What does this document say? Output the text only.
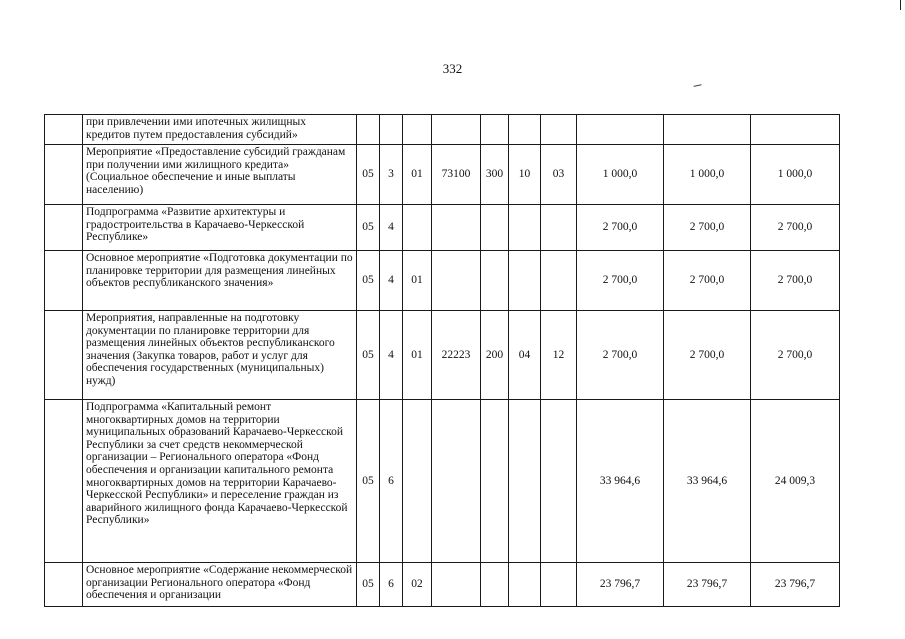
332
	при привлечении ими ипотечных жилищных кредитов путем предоставления субсидий»										
	Мероприятие «Предоставление субсидий гражданам при получении ими жилищного кредита» (Социальное обеспечение и иные выплаты населению)	05	3	01	73100	300	10	03	1 000,0	1 000,0	1 000,0
	Подпрограмма «Развитие архитектуры и градостроительства в Карачаево-Черкесской Республике»	05	4						2 700,0	2 700,0	2 700,0
	Основное мероприятие «Подготовка документации по планировке территории для размещения линейных объектов республиканского значения»	05	4	01					2 700,0	2 700,0	2 700,0
	Мероприятия, направленные на подготовку документации по планировке территории для размещения линейных объектов республиканского значения (Закупка товаров, работ и услуг для обеспечения государственных (муниципальных) нужд)	05	4	01	22223	200	04	12	2 700,0	2 700,0	2 700,0
	Подпрограмма «Капитальный ремонт многоквартирных домов на территории муниципальных образований Карачаево-Черкесской Республики за счет средств некоммерческой организации – Регионального оператора «Фонд обеспечения и организации капитального ремонта многоквартирных домов на территории Карачаево-Черкесской Республики» и переселение граждан из аварийного жилищного фонда Карачаево-Черкесской Республики»	05	6						33 964,6	33 964,6	24 009,3
	Основное мероприятие «Содержание некоммерческой организации Регионального оператора «Фонд обеспечения и организации	05	6	02					23 796,7	23 796,7	23 796,7
